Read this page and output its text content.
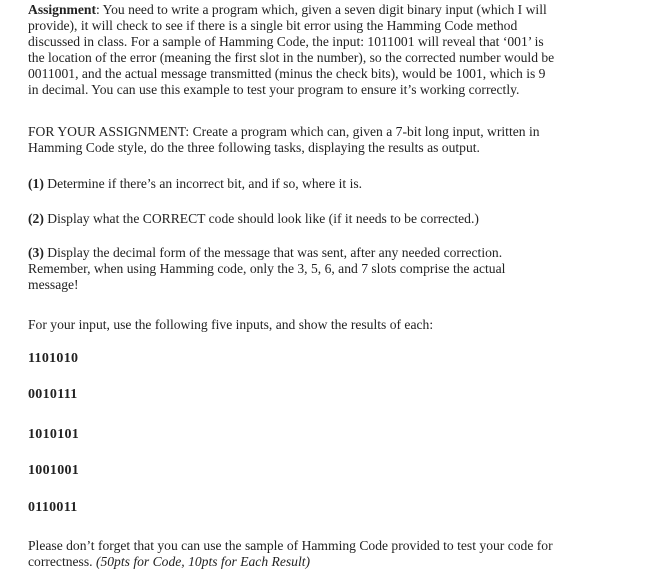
Assignment: You need to write a program which, given a seven digit binary input (which I will
provide), it will check to see if there is a single bit error using the Hamming Code method
discussed in class. For a sample of Hamming Code, the input: 1011001 will reveal that ‘001’ is
the location of the error (meaning the first slot in the number), so the corrected number would be
0011001, and the actual message transmitted (minus the check bits), would be 1001, which is 9
in decimal. You can use this example to test your program to ensure it’s working correctly.

FOR YOUR ASSIGNMENT: Create a program which can, given a 7-bit long input, written in
Hamming Code style, do the three following tasks, displaying the results as output.

(1) Determine if there’s an incorrect bit, and if so, where it is.

(2) Display what the CORRECT code should look like (if it needs to be corrected.)

(3) Display the decimal form of the message that was sent, after any needed correction.
Remember, when using Hamming code, only the 3, 5, 6, and 7 slots comprise the actual
message!

For your input, use the following five inputs, and show the results of each:

1101010

0010111

1010101

1001001

0110011

Please don’t forget that you can use the sample of Hamming Code provided to test your code for
correctness. (50pts for Code, 10pts for Each Result)
